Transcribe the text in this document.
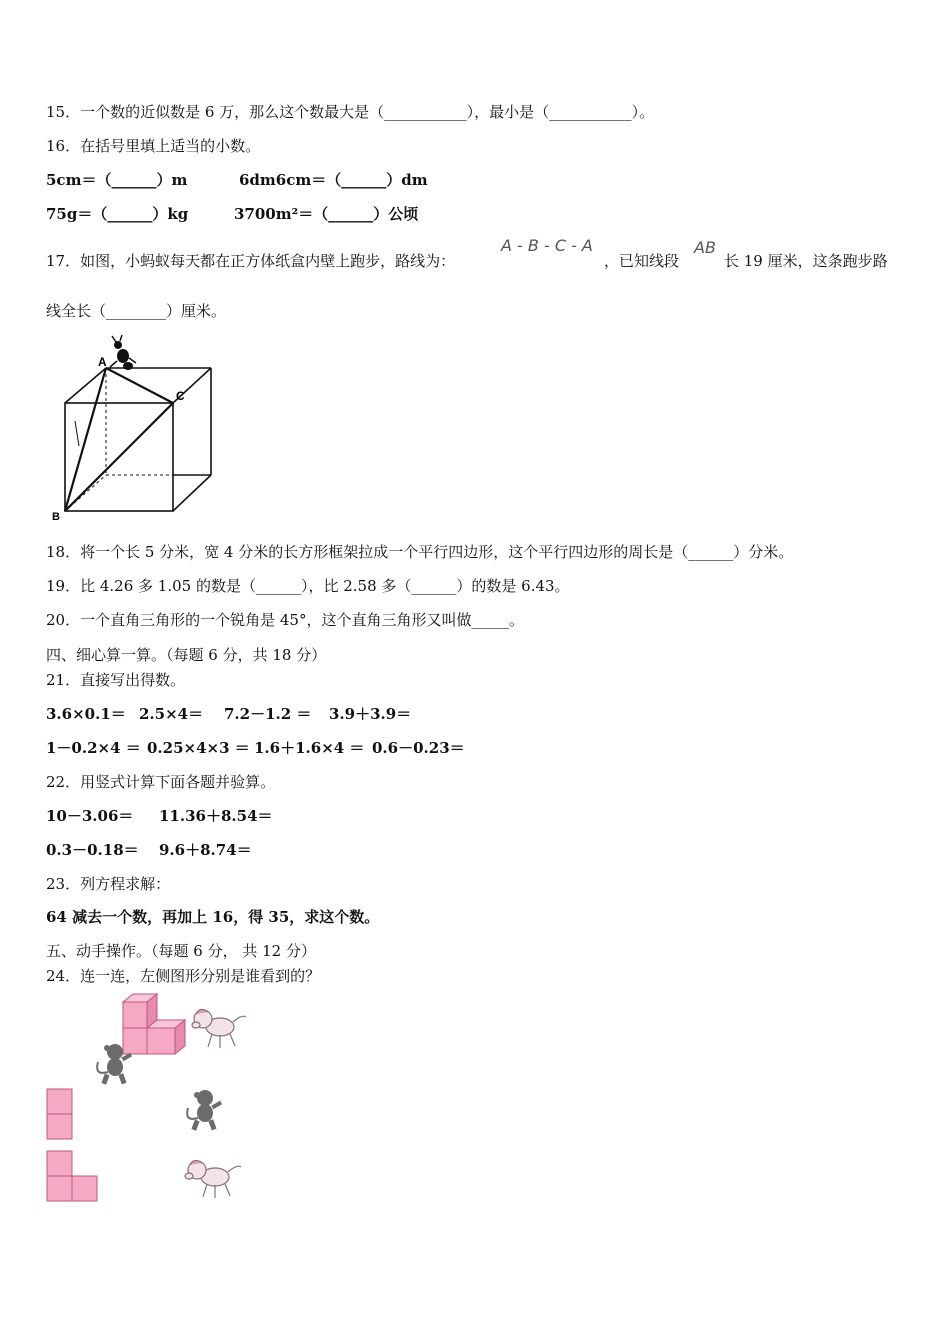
15．一个数的近似数是 6 万，那么这个数最大是（___________），最小是（___________）。
16．在括号里填上适当的小数。
5cm＝（______）m	6dm6cm＝（______）dm
75g＝（______）kg	3700m²＝（______）公顷
17．如图，小蚂蚁每天都在正方体纸盒内壁上跑步，路线为：
A - B - C - A
，已知线段
AB
长 19 厘米，这条跑步路
线全长（________）厘米。
A
C
B
18．将一个长 5 分米，宽 4 分米的长方形框架拉成一个平行四边形，这个平行四边形的周长是（______）分米。
19．比 4.26 多 1.05 的数是（______），比 2.58 多（______）的数是 6.43。
20．一个直角三角形的一个锐角是 45°，这个直角三角形又叫做_____。
四、细心算一算。（每题 6 分，共 18 分）
21．直接写出得数。
3.6×0.1＝ 2.5×4＝ 7.2－1.2 ＝ 3.9＋3.9＝
1－0.2×4 ＝ 0.25×4×3 ＝ 1.6＋1.6×4 ＝ 0.6－0.23＝
22．用竖式计算下面各题并验算。
10－3.06＝ 11.36＋8.54＝
0.3－0.18＝ 9.6＋8.74＝
23．列方程求解：
64 减去一个数，再加上 16，得 35，求这个数。
五、动手操作。（每题 6 分， 共 12 分）
24．连一连，左侧图形分别是谁看到的？
